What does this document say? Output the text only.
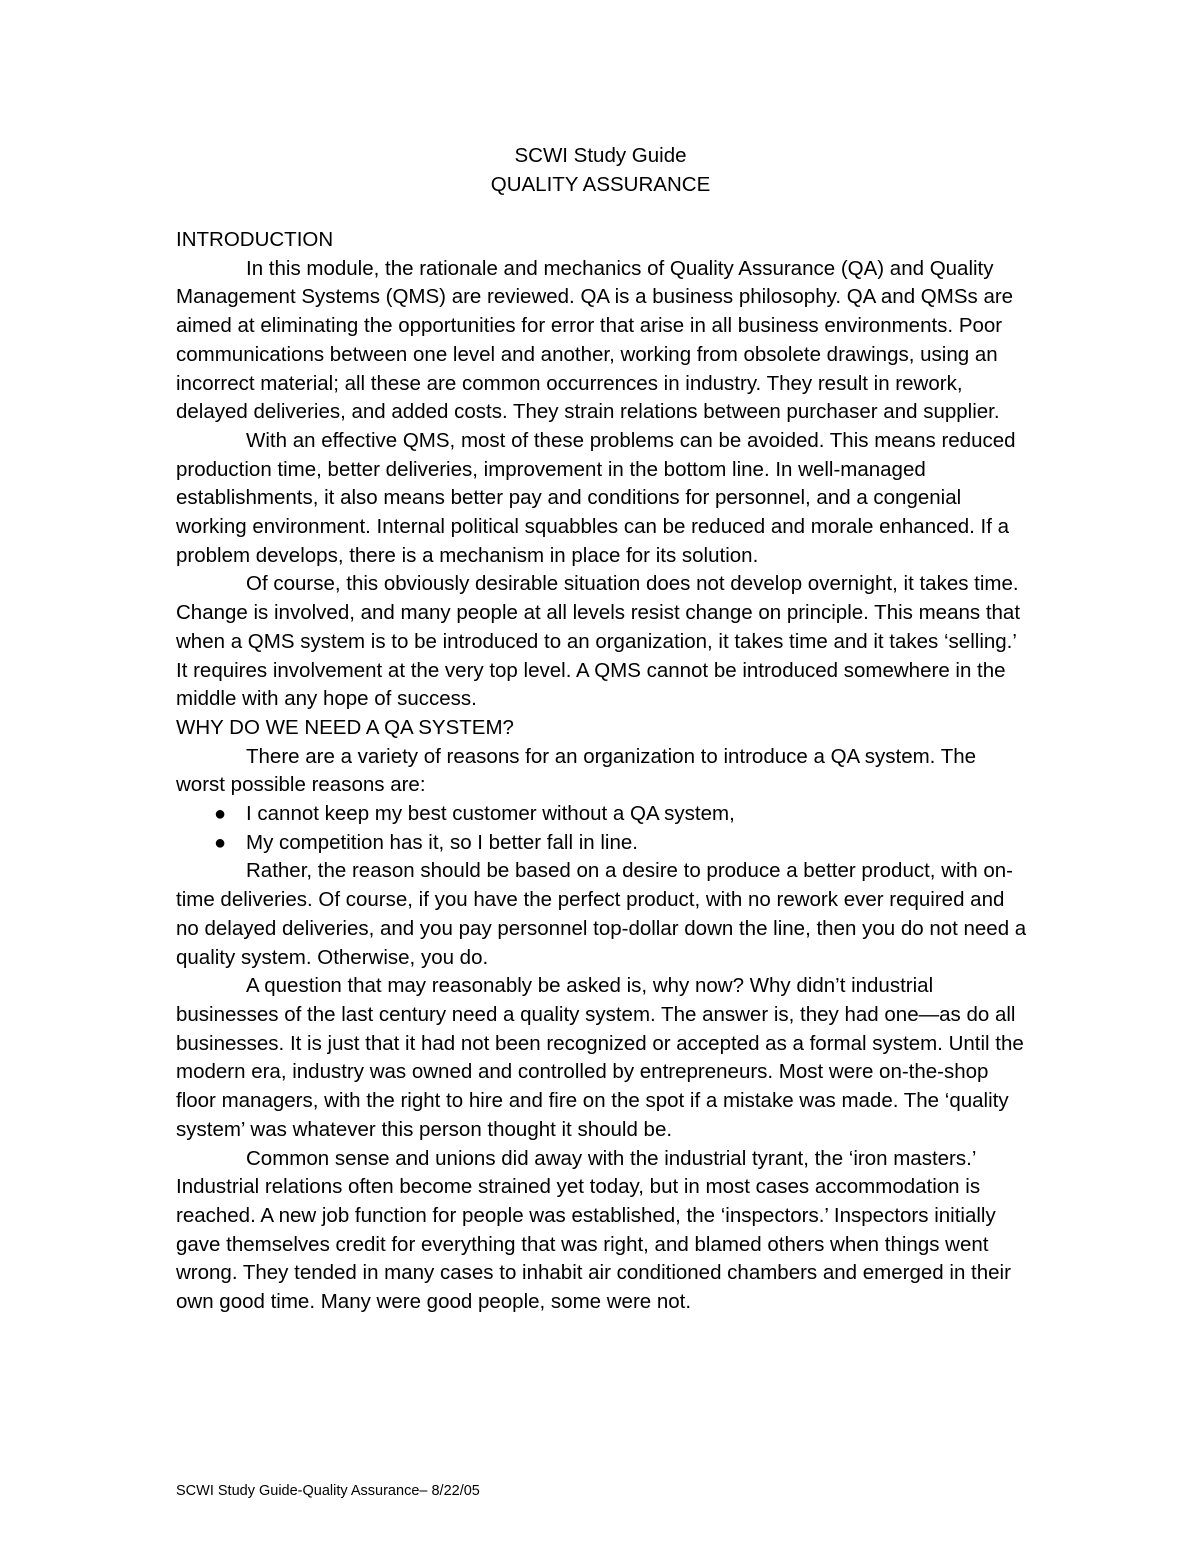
SCWI Study Guide
QUALITY ASSURANCE
INTRODUCTION

In this module, the rationale and mechanics of Quality Assurance (QA) and Quality Management Systems (QMS) are reviewed. QA is a business philosophy. QA and QMSs are aimed at eliminating the opportunities for error that arise in all business environments. Poor communications between one level and another, working from obsolete drawings, using an incorrect material; all these are common occurrences in industry. They result in rework, delayed deliveries, and added costs. They strain relations between purchaser and supplier.

With an effective QMS, most of these problems can be avoided. This means reduced production time, better deliveries, improvement in the bottom line. In well-managed establishments, it also means better pay and conditions for personnel, and a congenial working environment. Internal political squabbles can be reduced and morale enhanced. If a problem develops, there is a mechanism in place for its solution.

Of course, this obviously desirable situation does not develop overnight, it takes time. Change is involved, and many people at all levels resist change on principle. This means that when a QMS system is to be introduced to an organization, it takes time and it takes ‘selling.’ It requires involvement at the very top level. A QMS cannot be introduced somewhere in the middle with any hope of success.

WHY DO WE NEED A QA SYSTEM?

There are a variety of reasons for an organization to introduce a QA system. The worst possible reasons are:

● I cannot keep my best customer without a QA system,
● My competition has it, so I better fall in line.

Rather, the reason should be based on a desire to produce a better product, with on-time deliveries. Of course, if you have the perfect product, with no rework ever required and no delayed deliveries, and you pay personnel top-dollar down the line, then you do not need a quality system. Otherwise, you do.

A question that may reasonably be asked is, why now? Why didn’t industrial businesses of the last century need a quality system. The answer is, they had one—as do all businesses. It is just that it had not been recognized or accepted as a formal system. Until the modern era, industry was owned and controlled by entrepreneurs. Most were on-the-shop floor managers, with the right to hire and fire on the spot if a mistake was made. The ‘quality system’ was whatever this person thought it should be.

Common sense and unions did away with the industrial tyrant, the ‘iron masters.’ Industrial relations often become strained yet today, but in most cases accommodation is reached. A new job function for people was established, the ‘inspectors.’ Inspectors initially gave themselves credit for everything that was right, and blamed others when things went wrong. They tended in many cases to inhabit air conditioned chambers and emerged in their own good time. Many were good people, some were not.

SCWI Study Guide-Quality Assurance– 8/22/05
